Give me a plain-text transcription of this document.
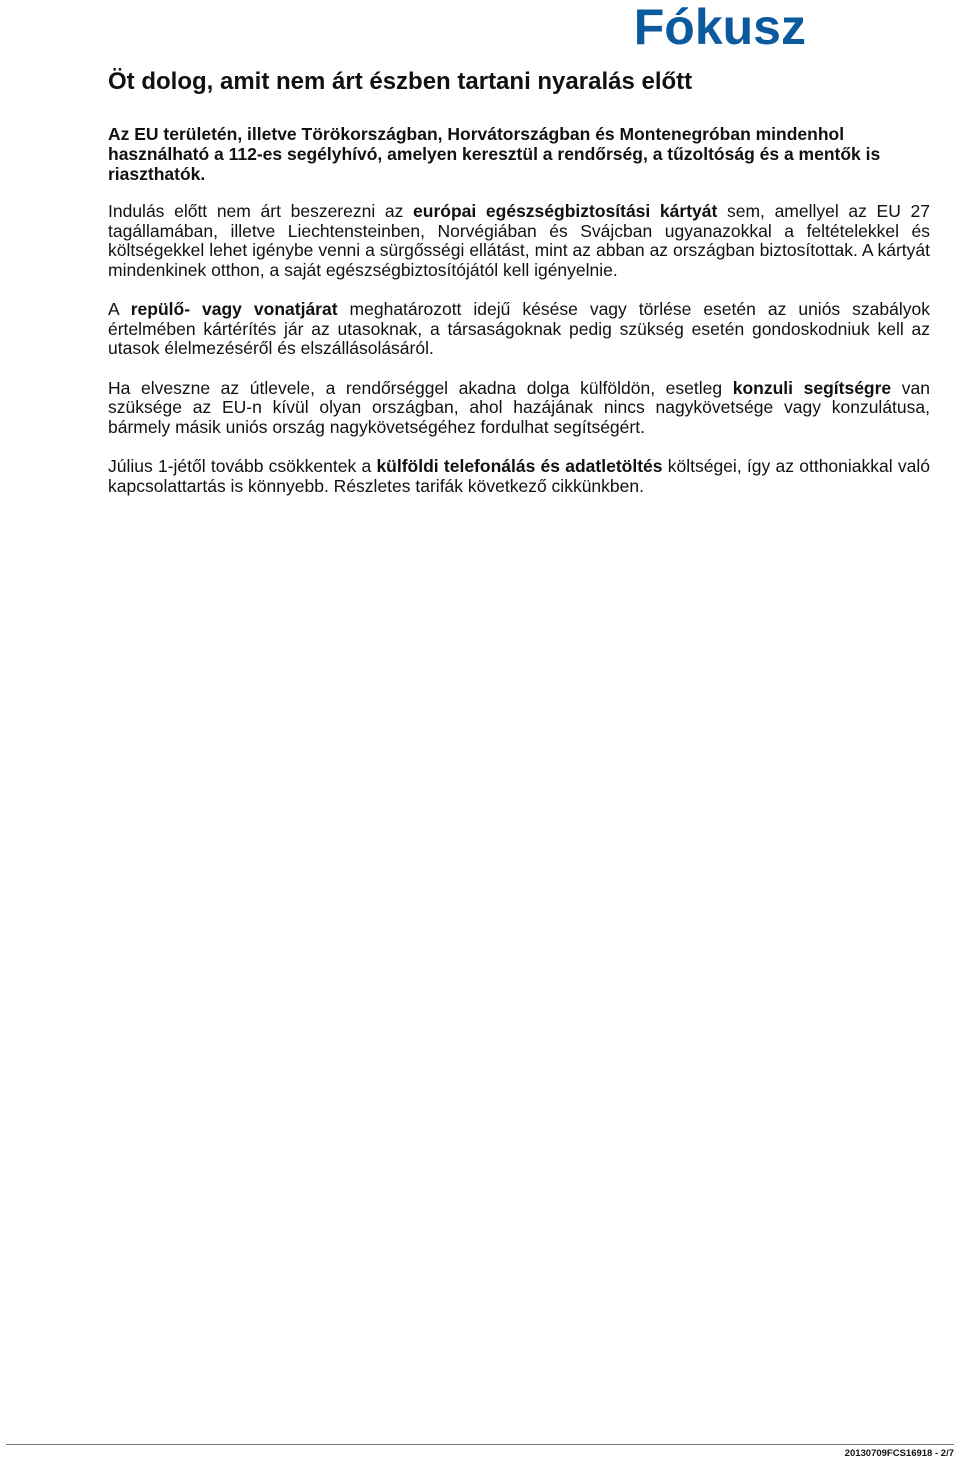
Fókusz
Öt dolog, amit nem árt észben tartani nyaralás előtt

Az EU területén, illetve Törökországban, Horvátországban és Montenegróban mindenhol használható a 112-es segélyhívó, amelyen keresztül a rendőrség, a tűzoltóság és a mentők is riaszthatók.

Indulás előtt nem árt beszerezni az európai egészségbiztosítási kártyát sem, amellyel az EU 27 tagállamában, illetve Liechtensteinben, Norvégiában és Svájcban ugyanazokkal a feltételekkel és költségekkel lehet igénybe venni a sürgősségi ellátást, mint az abban az országban biztosítottak. A kártyát mindenkinek otthon, a saját egészségbiztosítójától kell igényelnie.

A repülő- vagy vonatjárat meghatározott idejű késése vagy törlése esetén az uniós szabályok értelmében kártérítés jár az utasoknak, a társaságoknak pedig szükség esetén gondoskodniuk kell az utasok élelmezéséről és elszállásolásáról.

Ha elveszne az útlevele, a rendőrséggel akadna dolga külföldön, esetleg konzuli segítségre van szüksége az EU-n kívül olyan országban, ahol hazájának nincs nagykövetsége vagy konzulátusa, bármely másik uniós ország nagykövetségéhez fordulhat segítségért.

Július 1-jétől tovább csökkentek a külföldi telefonálás és adatletöltés költségei, így az otthoniakkal való kapcsolattartás is könnyebb. Részletes tarifák következő cikkünkben.

20130709FCS16918 - 2/7
